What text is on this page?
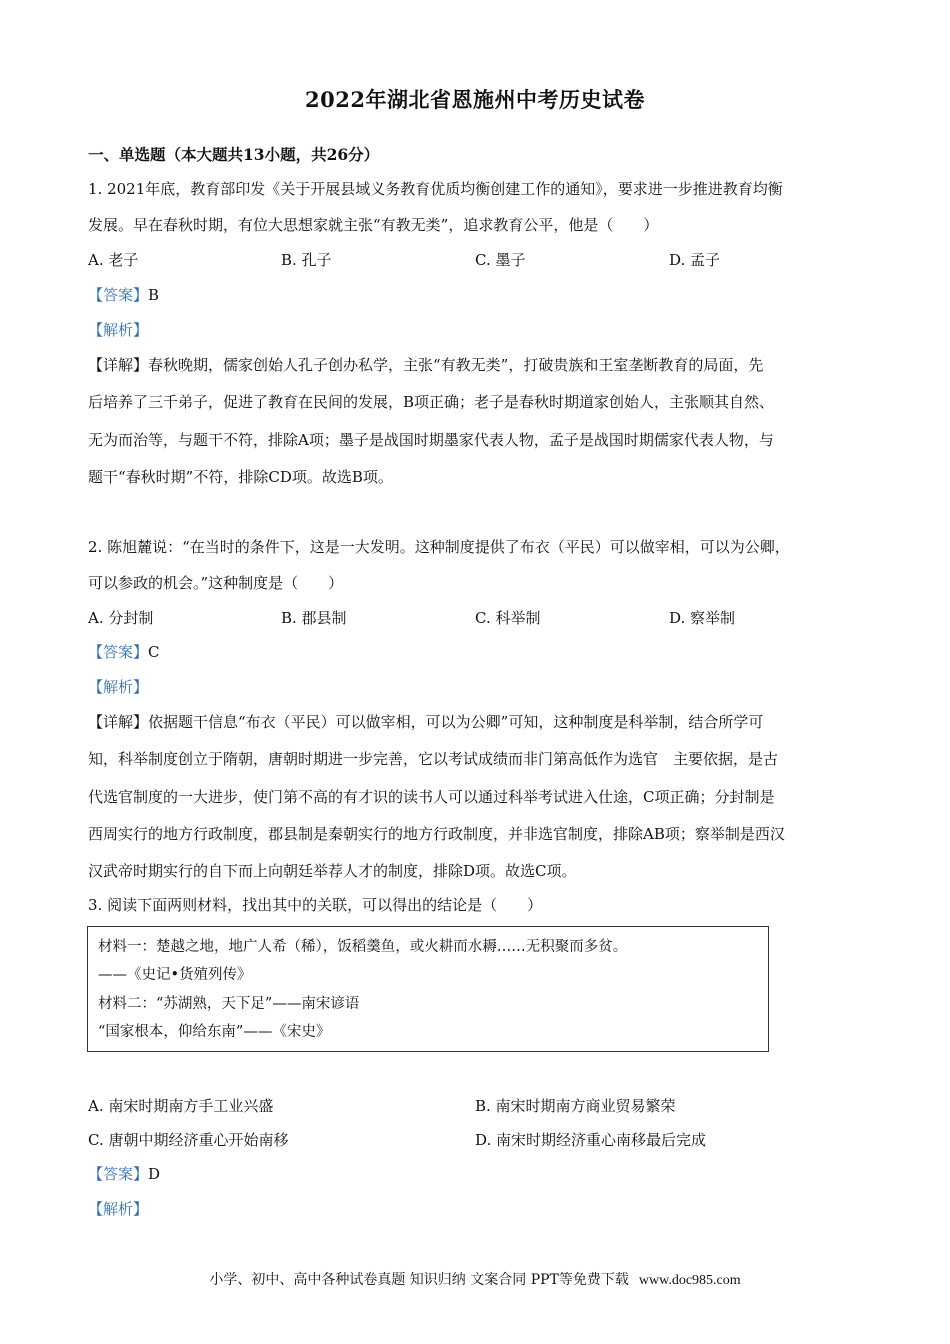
2022年湖北省恩施州中考历史试卷
一、单选题（本大题共13小题，共26分）
1. 2021年底，教育部印发《关于开展县域义务教育优质均衡创建工作的通知》，要求进一步推进教育均衡
发展。早在春秋时期，有位大思想家就主张“有教无类”，追求教育公平，他是（　　）
A. 老子	B. 孔子	C. 墨子	D. 孟子
【答案】B
【解析】
【详解】春秋晚期，儒家创始人孔子创办私学，主张“有教无类”，打破贵族和王室垄断教育的局面，先
后培养了三千弟子，促进了教育在民间的发展，B项正确；老子是春秋时期道家创始人，主张顺其自然、
无为而治等，与题干不符，排除A项；墨子是战国时期墨家代表人物，孟子是战国时期儒家代表人物，与
题干“春秋时期”不符，排除CD项。故选B项。
2. 陈旭麓说：“在当时的条件下，这是一大发明。这种制度提供了布衣（平民）可以做宰相，可以为公卿，
可以参政的机会。”这种制度是（　　）
A. 分封制	B. 郡县制	C. 科举制	D. 察举制
【答案】C
【解析】
【详解】依据题干信息“布衣（平民）可以做宰相，可以为公卿”可知，这种制度是科举制，结合所学可
知，科举制度创立于隋朝，唐朝时期进一步完善，它以考试成绩而非门第高低作为选官　主要依据，是古
代选官制度的一大进步，使门第不高的有才识的读书人可以通过科举考试进入仕途，C项正确；分封制是
西周实行的地方行政制度，郡县制是秦朝实行的地方行政制度，并非选官制度，排除AB项；察举制是西汉
汉武帝时期实行的自下而上向朝廷举荐人才的制度，排除D项。故选C项。
3. 阅读下面两则材料，找出其中的关联，可以得出的结论是（　　）
材料一：楚越之地，地广人希（稀），饭稻羹鱼，或火耕而水耨……无积聚而多贫。
——《史记•货殖列传》
材料二：“苏湖熟，天下足”——南宋谚语
“国家根本，仰给东南”——《宋史》
A. 南宋时期南方手工业兴盛	B. 南宋时期南方商业贸易繁荣
C. 唐朝中期经济重心开始南移	D. 南宋时期经济重心南移最后完成
【答案】D
【解析】
小学、初中、高中各种试卷真题 知识归纳 文案合同 PPT等免费下载 www.doc985.com
